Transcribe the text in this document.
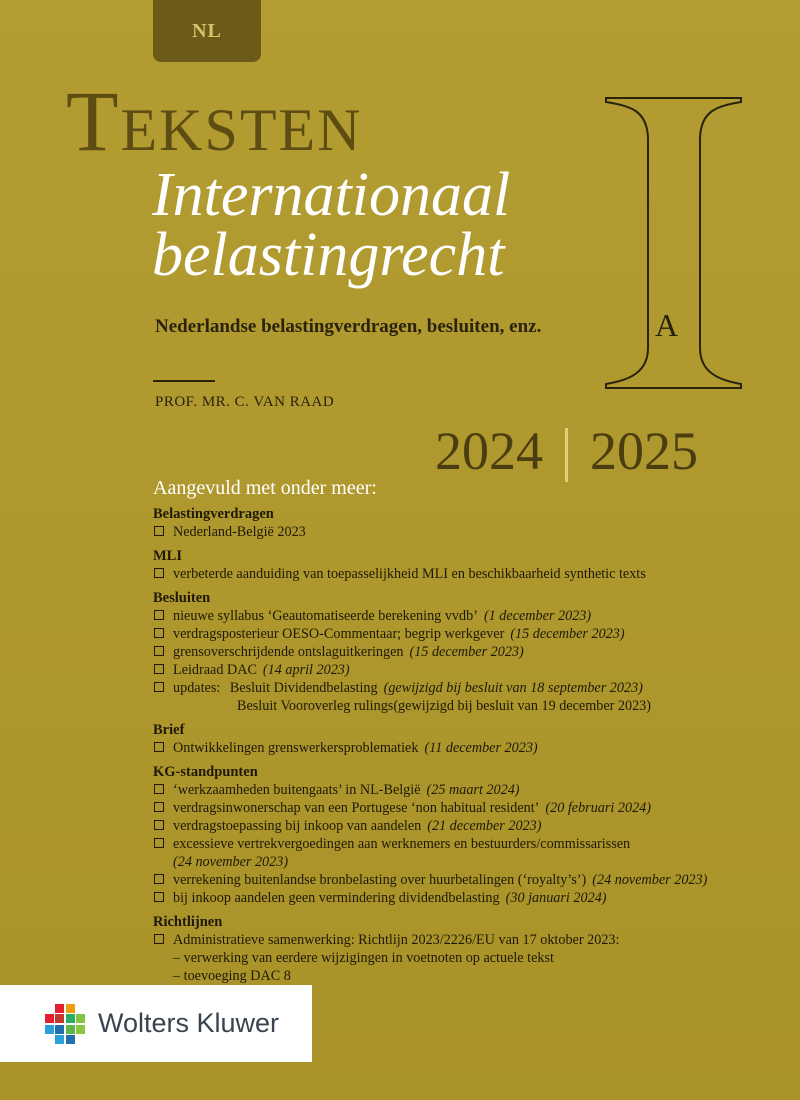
NL
Teksten
Internationaal
belastingrecht
Nederlandse belastingverdragen, besluiten, enz.
PROF. MR. C. VAN RAAD
I
A
2024 2025
Aangevuld met onder meer:
Belastingverdragen
Nederland-België 2023
MLI
verbeterde aanduiding van toepasselijkheid MLI en beschikbaarheid synthetic texts
Besluiten
nieuwe syllabus ‘Geautomatiseerde berekening vvdb’ (1 december 2023)
verdragsposterieur OESO-Commentaar; begrip werkgever (15 december 2023)
grensoverschrijdende ontslaguitkeringen (15 december 2023)
Leidraad DAC (14 april 2023)
updates: Besluit Dividendbelasting (gewijzigd bij besluit van 18 september 2023)
Besluit Vooroverleg rulings(gewijzigd bij besluit van 19 december 2023)
Brief
Ontwikkelingen grenswerkersproblematiek (11 december 2023)
KG-standpunten
‘werkzaamheden buitengaats’ in NL-België (25 maart 2024)
verdragsinwonerschap van een Portugese ‘non habitual resident’ (20 februari 2024)
verdragstoepassing bij inkoop van aandelen (21 december 2023)
excessieve vertrekvergoedingen aan werknemers en bestuurders/commissarissen
(24 november 2023)
verrekening buitenlandse bronbelasting over huurbetalingen (‘royalty’s’) (24 november 2023)
bij inkoop aandelen geen vermindering dividendbelasting (30 januari 2024)
Richtlijnen
Administratieve samenwerking: Richtlijn 2023/2226/EU van 17 oktober 2023:
– verwerking van eerdere wijzigingen in voetnoten op actuele tekst
– toevoeging DAC 8
Wolters Kluwer
